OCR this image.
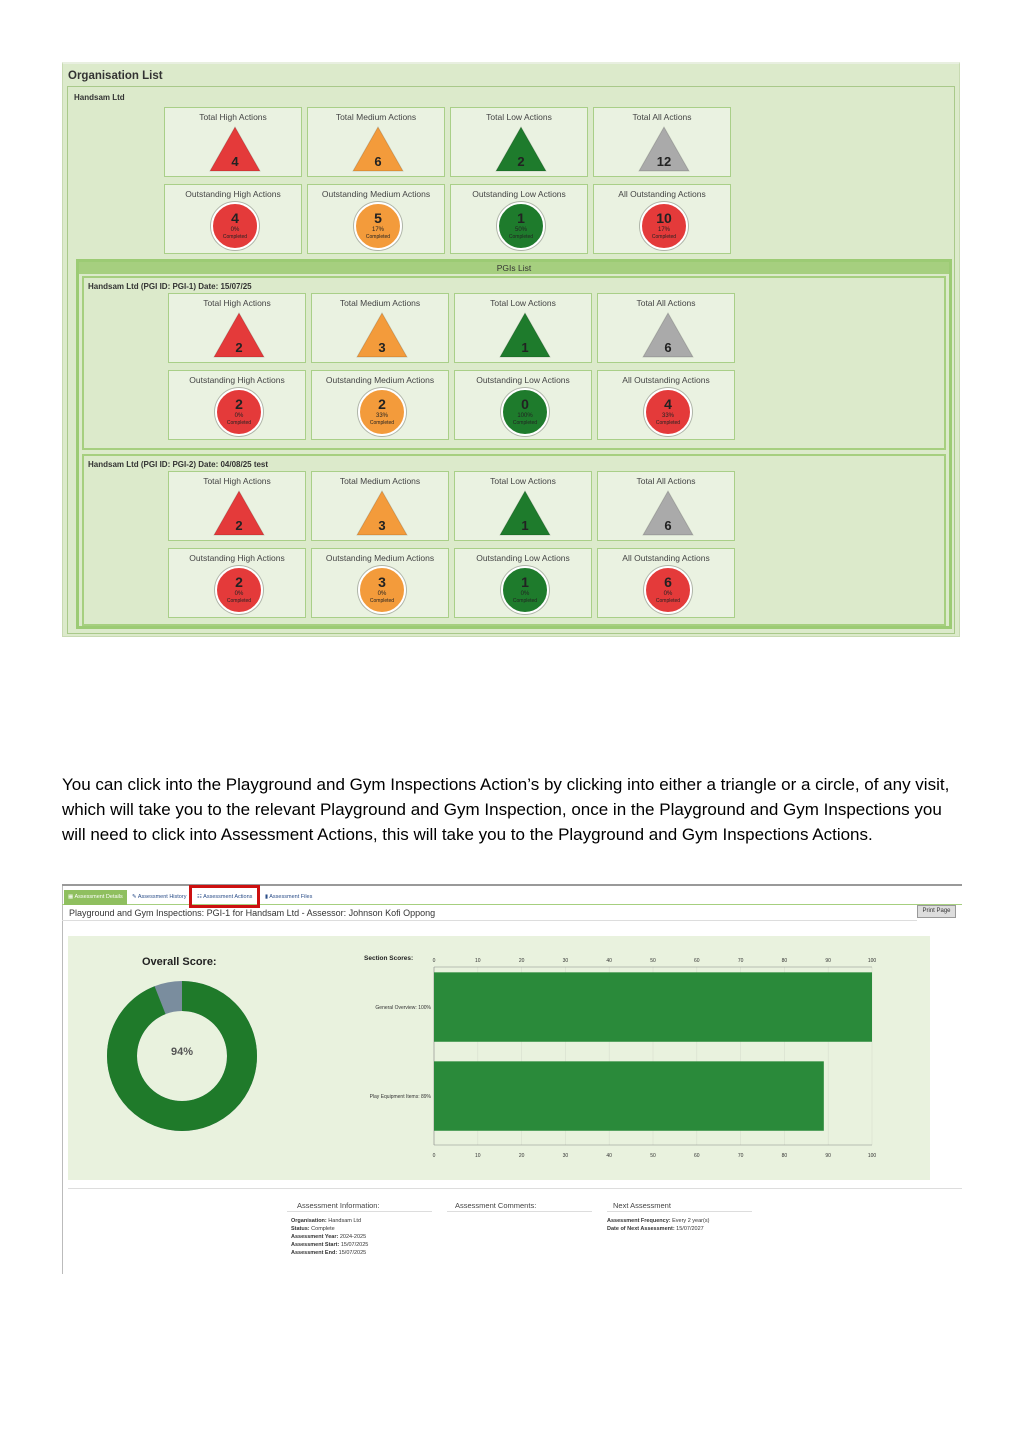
Organisation List
Handsam Ltd
Total High Actions
4
Total Medium Actions
6
Total Low Actions
2
Total All Actions
12
Outstanding High Actions
4
0%
Completed
Outstanding Medium Actions
5
17%
Completed
Outstanding Low Actions
1
50%
Completed
All Outstanding Actions
10
17%
Completed
PGIs List
Handsam Ltd (PGI ID: PGI-1) Date: 15/07/25
Total High Actions
2
Total Medium Actions
3
Total Low Actions
1
Total All Actions
6
Outstanding High Actions
2
0%
Completed
Outstanding Medium Actions
2
33%
Completed
Outstanding Low Actions
0
100%
Completed
All Outstanding Actions
4
33%
Completed
Handsam Ltd (PGI ID: PGI-2) Date: 04/08/25 test
Total High Actions
2
Total Medium Actions
3
Total Low Actions
1
Total All Actions
6
Outstanding High Actions
2
0%
Completed
Outstanding Medium Actions
3
0%
Completed
Outstanding Low Actions
1
0%
Completed
All Outstanding Actions
6
0%
Completed

You can click into the Playground and Gym Inspections Action’s by clicking into either a triangle or a circle, of any visit, which will take you to the relevant Playground and Gym Inspection, once in the Playground and Gym Inspections you will need to click into Assessment Actions, this will take you to the Playground and Gym Inspections Actions.

▦ Assessment Details	✎ Assessment History	☷ Assessment Actions	▮ Assessment Files
Playground and Gym Inspections: PGI-1 for Handsam Ltd - Assessor: Johnson Kofi Oppong	Print Page
Overall Score:
94%
Section Scores:	0
0
10
10
20
20
30
30
40
40
50
50
60
60
70
70
80
80
90
90
100
100
General Overview: 100%
Play Equipment Items: 89%
Assessment Information:
Organisation: Handsam Ltd
Status: Complete
Assessment Year: 2024-2025
Assessment Start: 15/07/2025
Assessment End: 15/07/2025
Assessment Comments:	Next Assessment
Assessment Frequency: Every 2 year(s)
Date of Next Assessment: 15/07/2027
